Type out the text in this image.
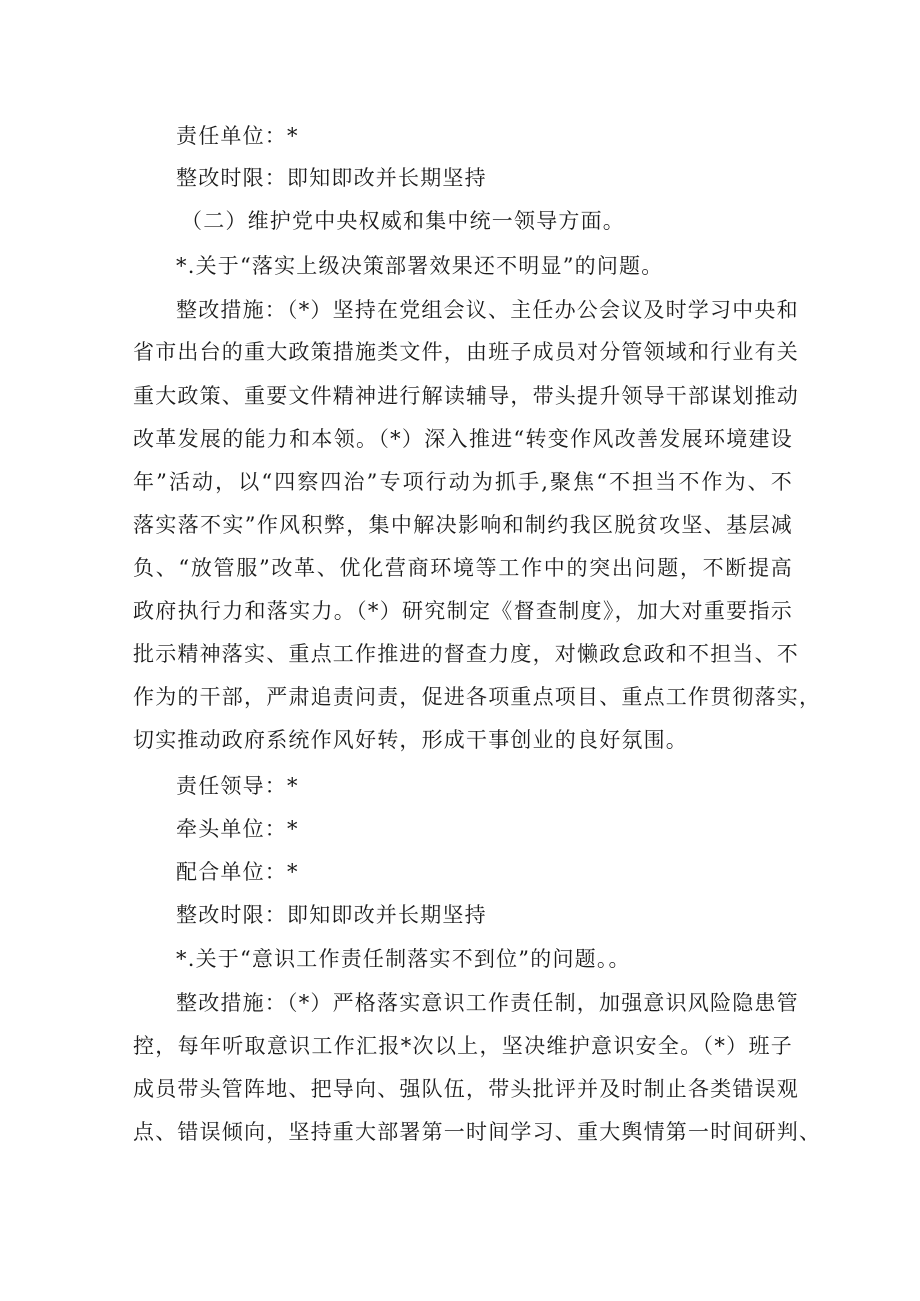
责任单位：*
整改时限：即知即改并长期坚持
（二）维护党中央权威和集中统一领导方面。
*.关于“落实上级决策部署效果还不明显”的问题。
整改措施：（*）坚持在党组会议、主任办公会议及时学习中央和
省市出台的重大政策措施类文件，由班子成员对分管领域和行业有关
重大政策、重要文件精神进行解读辅导，带头提升领导干部谋划推动
改革发展的能力和本领。（*）深入推进“转变作风改善发展环境建设
年”活动，以“四察四治”专项行动为抓手,聚焦“不担当不作为、不
落实落不实”作风积弊，集中解决影响和制约我区脱贫攻坚、基层减
负、“放管服”改革、优化营商环境等工作中的突出问题，不断提高
政府执行力和落实力。（*）研究制定《督查制度》，加大对重要指示
批示精神落实、重点工作推进的督查力度，对懒政怠政和不担当、不
作为的干部，严肃追责问责，促进各项重点项目、重点工作贯彻落实，
切实推动政府系统作风好转，形成干事创业的良好氛围。
责任领导：*
牵头单位：*
配合单位：*
整改时限：即知即改并长期坚持
*.关于“意识工作责任制落实不到位”的问题。。
整改措施：（*）严格落实意识工作责任制，加强意识风险隐患管
控，每年听取意识工作汇报*次以上，坚决维护意识安全。（*）班子
成员带头管阵地、把导向、强队伍，带头批评并及时制止各类错误观
点、错误倾向，坚持重大部署第一时间学习、重大舆情第一时间研判、
